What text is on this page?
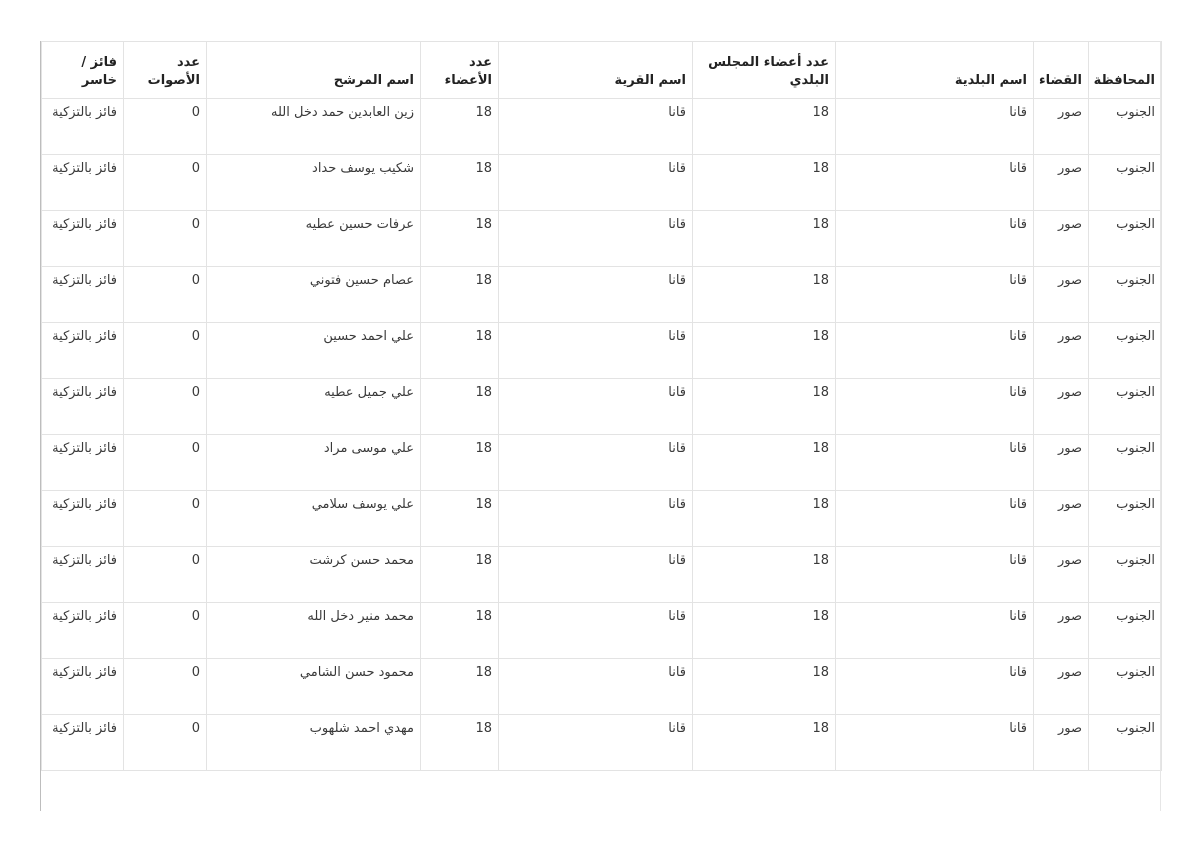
المحافظة	القضاء	اسم البلدية	عدد أعضاء المجلس البلدي	اسم القرية	عدد الأعضاء	اسم المرشح	عدد الأصوات	فائز / خاسر
الجنوب	صور	قانا	18	قانا	18	زين العابدين حمد دخل الله	0	فائز بالتزكية
الجنوب	صور	قانا	18	قانا	18	شكيب يوسف حداد	0	فائز بالتزكية
الجنوب	صور	قانا	18	قانا	18	عرفات حسين عطيه	0	فائز بالتزكية
الجنوب	صور	قانا	18	قانا	18	عصام حسين فتوني	0	فائز بالتزكية
الجنوب	صور	قانا	18	قانا	18	علي احمد حسين	0	فائز بالتزكية
الجنوب	صور	قانا	18	قانا	18	علي جميل عطيه	0	فائز بالتزكية
الجنوب	صور	قانا	18	قانا	18	علي موسى مراد	0	فائز بالتزكية
الجنوب	صور	قانا	18	قانا	18	علي يوسف سلامي	0	فائز بالتزكية
الجنوب	صور	قانا	18	قانا	18	محمد حسن كرشت	0	فائز بالتزكية
الجنوب	صور	قانا	18	قانا	18	محمد منير دخل الله	0	فائز بالتزكية
الجنوب	صور	قانا	18	قانا	18	محمود حسن الشامي	0	فائز بالتزكية
الجنوب	صور	قانا	18	قانا	18	مهدي احمد شلهوب	0	فائز بالتزكية
